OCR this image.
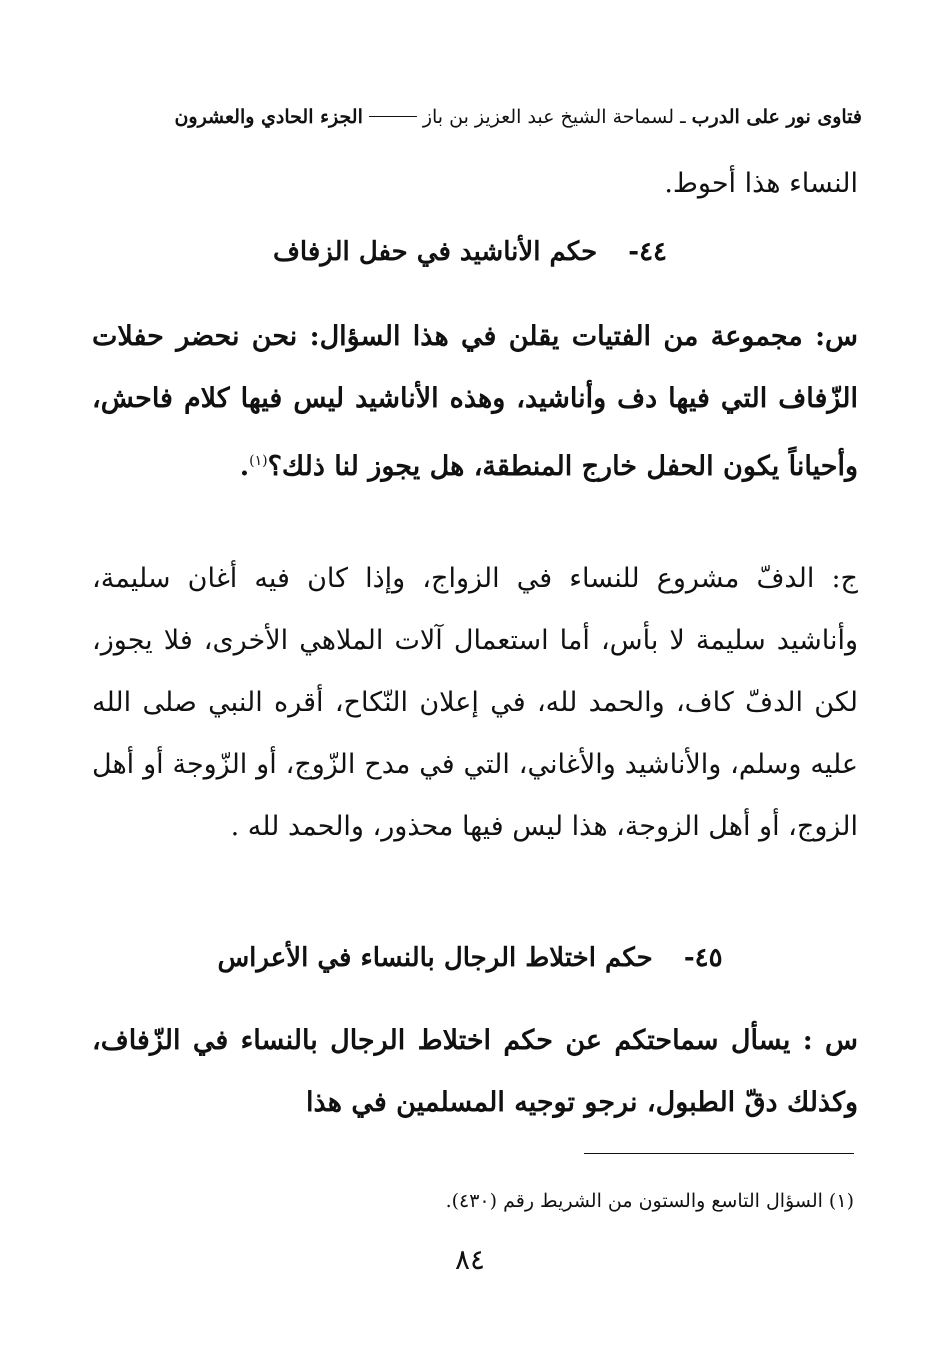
فتاوى نور على الدرب
ـ لسماحة الشيخ عبد العزيز بن باز
الجزء الحادي والعشرون
النساء هذا أحوط.
٤٤- حكم الأناشيد في حفل الزفاف
س: مجموعة من الفتيات يقلن في هذا السؤال: نحن نحضر حفلات الزّفاف التي فيها دف وأناشيد، وهذه الأناشيد ليس فيها كلام فاحش، وأحياناً يكون الحفل خارج المنطقة، هل يجوز لنا ذلك؟$^{(١)}$.
ج: الدفّ مشروع للنساء في الزواج، وإذا كان فيه أغان سليمة، وأناشيد سليمة لا بأس، أما استعمال آلات الملاهي الأخرى، فلا يجوز، لكن الدفّ كاف، والحمد لله، في إعلان النّكاح، أقره النبي صلى الله عليه وسلم، والأناشيد والأغاني، التي في مدح الزّوج، أو الزّوجة أو أهل الزوج، أو أهل الزوجة، هذا ليس فيها محذور، والحمد لله .
٤٥- حكم اختلاط الرجال بالنساء في الأعراس
س : يسأل سماحتكم عن حكم اختلاط الرجال بالنساء في الزّفاف، وكذلك دقّ الطبول، نرجو توجيه المسلمين في هذا
(١) السؤال التاسع والستون من الشريط رقم (٤٣٠).
٨٤
